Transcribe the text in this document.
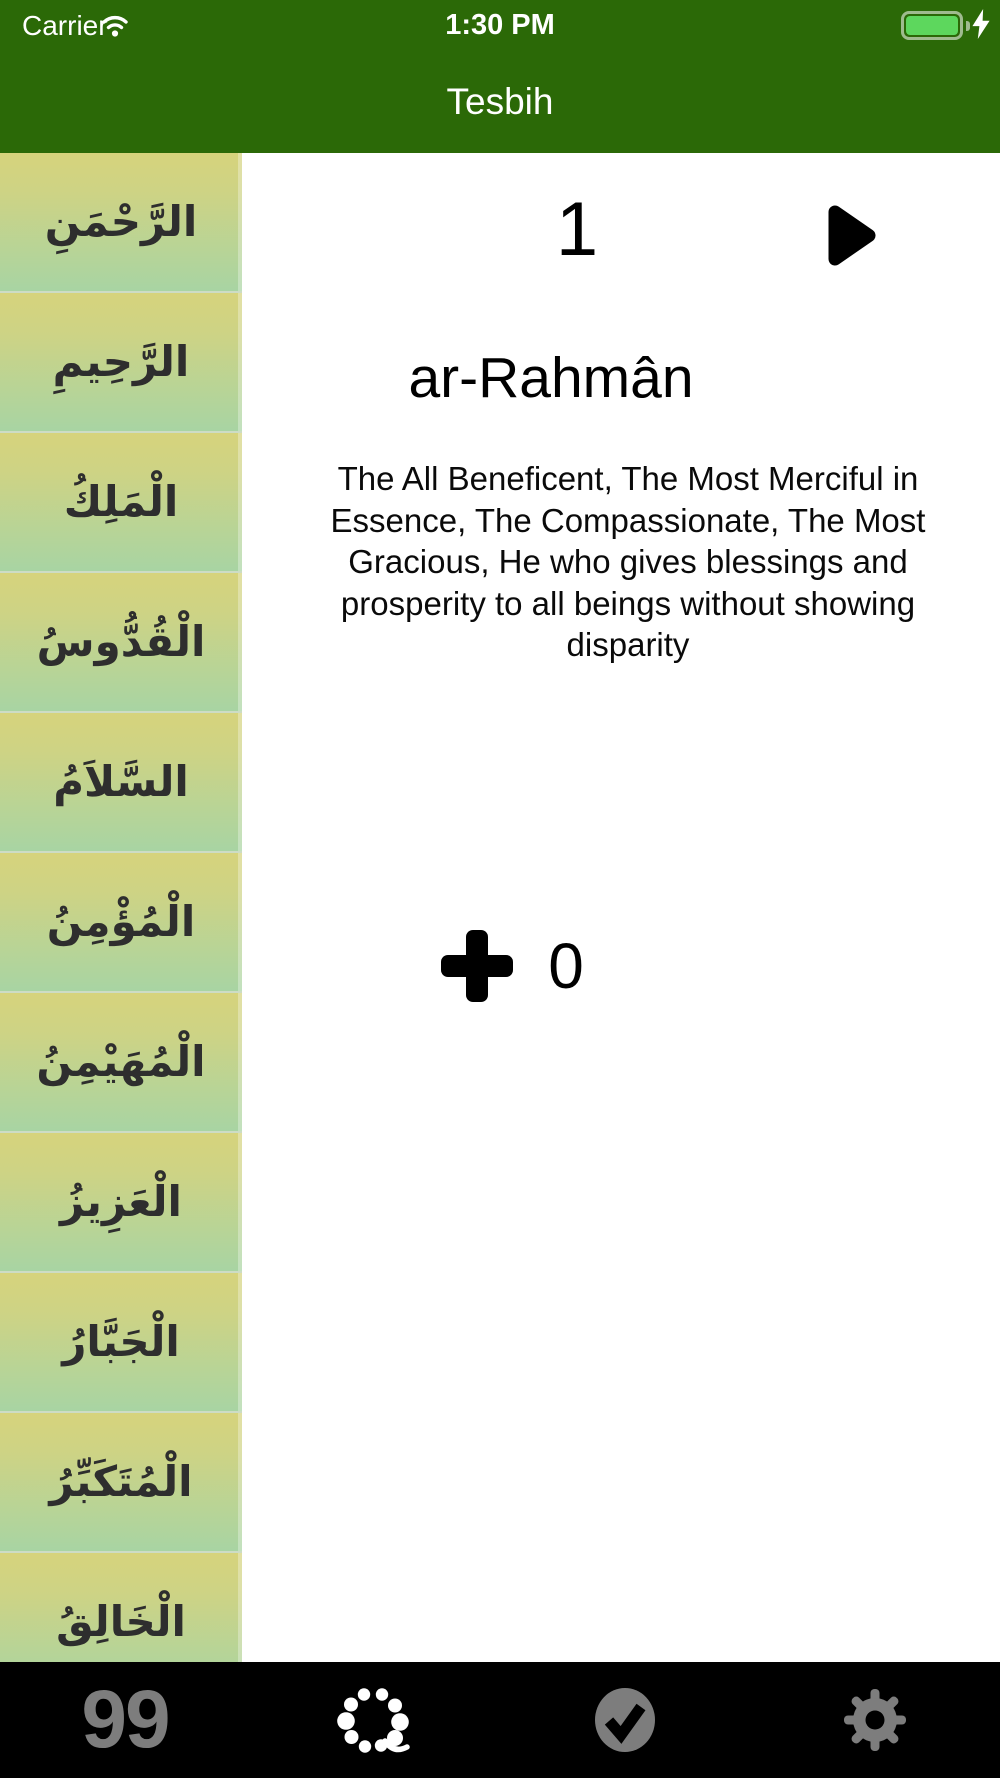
Carrier	1:30 PM
Tesbih
الرَّحْمَنِ
الرَّحِيمِ
الْمَلِكُ
الْقُدُّوسُ
السَّلاَمُ
الْمُؤْمِنُ
الْمُهَيْمِنُ
الْعَزِيزُ
الْجَبَّارُ
الْمُتَكَبِّرُ
الْخَالِقُ
1
ar-Rahmân
The All Beneficent, The Most Merciful in Essence, The Compassionate, The Most Gracious, He who gives blessings and prosperity to all beings without showing disparity
0
99
